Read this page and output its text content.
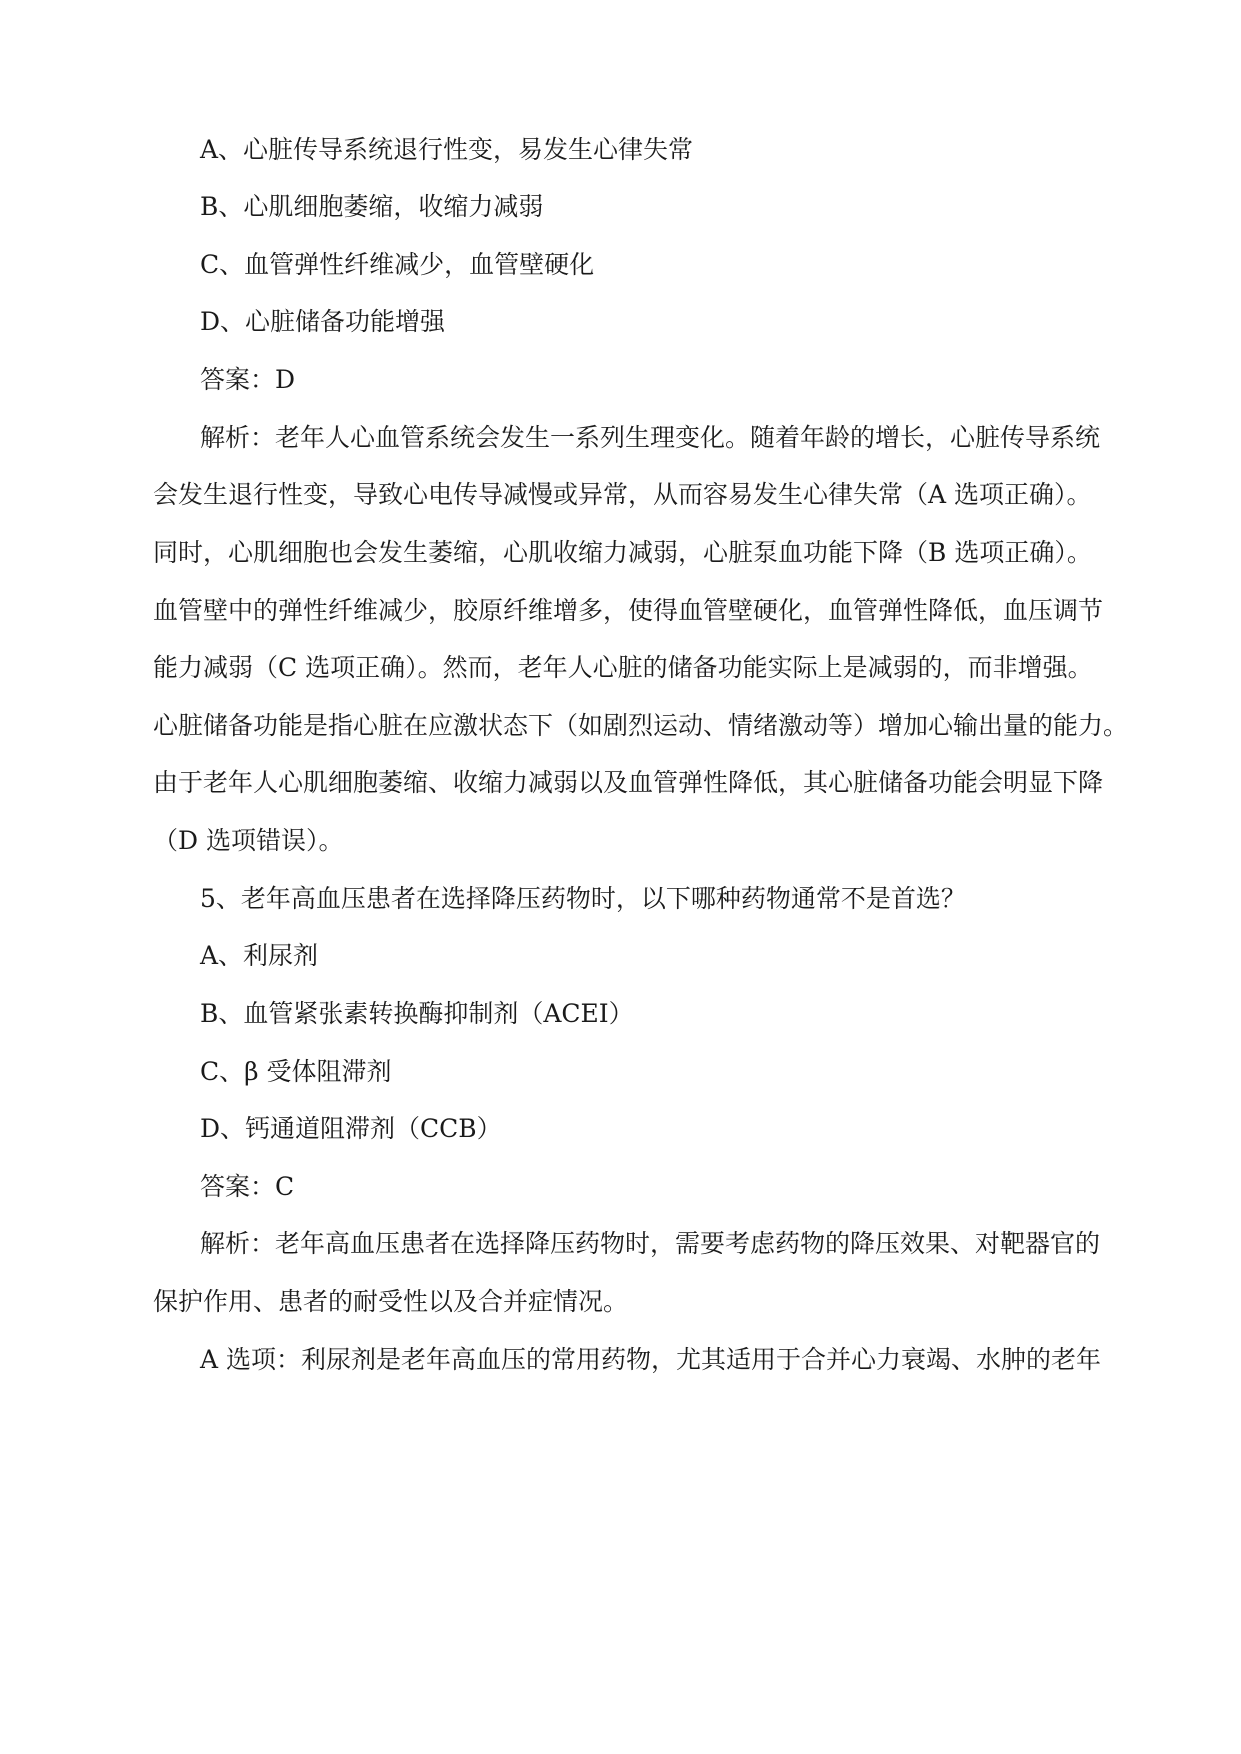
A、心脏传导系统退行性变，易发生心律失常
B、心肌细胞萎缩，收缩力减弱
C、血管弹性纤维减少，血管壁硬化
D、心脏储备功能增强
答案：D
解析：老年人心血管系统会发生一系列生理变化。随着年龄的增长，心脏传导系统
会发生退行性变，导致心电传导减慢或异常，从而容易发生心律失常（A 选项正确）。
同时，心肌细胞也会发生萎缩，心肌收缩力减弱，心脏泵血功能下降（B 选项正确）。
血管壁中的弹性纤维减少，胶原纤维增多，使得血管壁硬化，血管弹性降低，血压调节
能力减弱（C 选项正确）。然而，老年人心脏的储备功能实际上是减弱的，而非增强。
心脏储备功能是指心脏在应激状态下（如剧烈运动、情绪激动等）增加心输出量的能力。
由于老年人心肌细胞萎缩、收缩力减弱以及血管弹性降低，其心脏储备功能会明显下降
（D 选项错误）。
5、老年高血压患者在选择降压药物时，以下哪种药物通常不是首选？
A、利尿剂
B、血管紧张素转换酶抑制剂（ACEI）
C、β 受体阻滞剂
D、钙通道阻滞剂（CCB）
答案：C
解析：老年高血压患者在选择降压药物时，需要考虑药物的降压效果、对靶器官的
保护作用、患者的耐受性以及合并症情况。
A 选项：利尿剂是老年高血压的常用药物，尤其适用于合并心力衰竭、水肿的老年
